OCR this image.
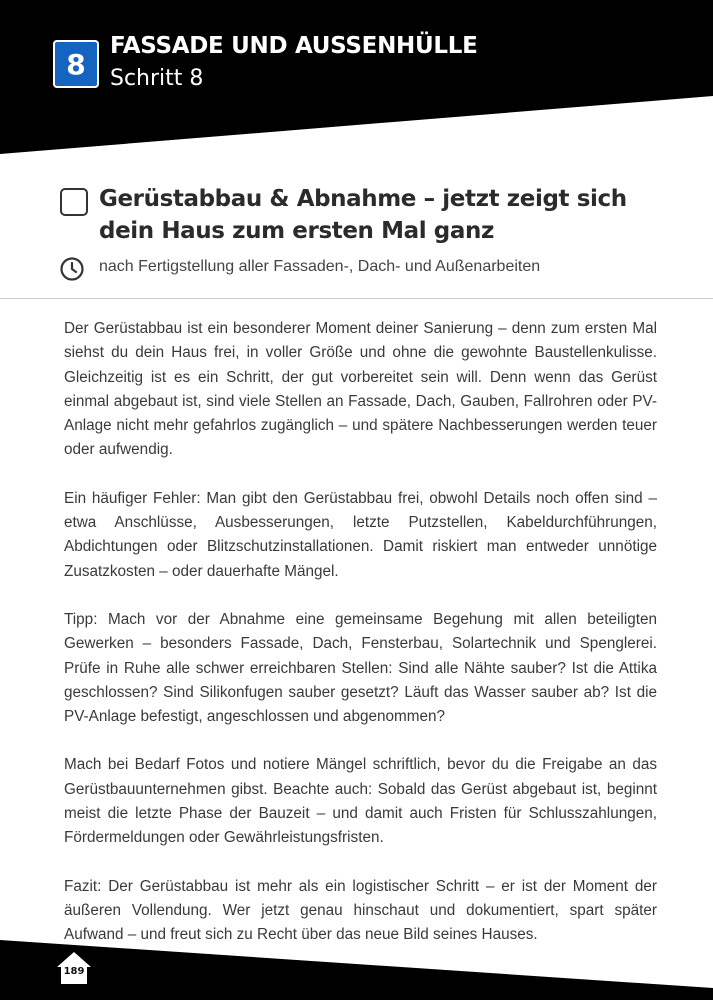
8
FASSADE UND AUSSENHÜLLE
Schritt 8
Gerüstabbau & Abnahme – jetzt zeigt sich dein Haus zum ersten Mal ganz
nach Fertigstellung aller Fassaden-, Dach- und Außenarbeiten

Der Gerüstabbau ist ein besonderer Moment deiner Sanierung – denn zum ersten Mal siehst du dein Haus frei, in voller Größe und ohne die gewohnte Baustellenkulisse. Gleichzeitig ist es ein Schritt, der gut vorbereitet sein will. Denn wenn das Gerüst einmal abgebaut ist, sind viele Stellen an Fassade, Dach, Gauben, Fallrohren oder PV-Anlage nicht mehr gefahrlos zugänglich – und spätere Nachbesserungen werden teuer oder aufwendig.

Ein häufiger Fehler: Man gibt den Gerüstabbau frei, obwohl Details noch offen sind – etwa Anschlüsse, Ausbesserungen, letzte Putzstellen, Kabeldurchführungen, Abdichtungen oder Blitzschutzinstallationen. Damit riskiert man entweder unnötige Zusatzkosten – oder dauerhafte Mängel.

Tipp: Mach vor der Abnahme eine gemeinsame Begehung mit allen beteiligten Gewerken – besonders Fassade, Dach, Fensterbau, Solartechnik und Spenglerei. Prüfe in Ruhe alle schwer erreichbaren Stellen: Sind alle Nähte sauber? Ist die Attika geschlossen? Sind Silikonfugen sauber gesetzt? Läuft das Wasser sauber ab? Ist die PV-Anlage befestigt, angeschlossen und abgenommen?

Mach bei Bedarf Fotos und notiere Mängel schriftlich, bevor du die Freigabe an das Gerüstbauunternehmen gibst. Beachte auch: Sobald das Gerüst abgebaut ist, beginnt meist die letzte Phase der Bauzeit – und damit auch Fristen für Schlusszahlungen, Fördermeldungen oder Gewährleistungsfristen.

Fazit: Der Gerüstabbau ist mehr als ein logistischer Schritt – er ist der Moment der äußeren Vollendung. Wer jetzt genau hinschaut und dokumentiert, spart später Aufwand – und freut sich zu Recht über das neue Bild seines Hauses.

189
